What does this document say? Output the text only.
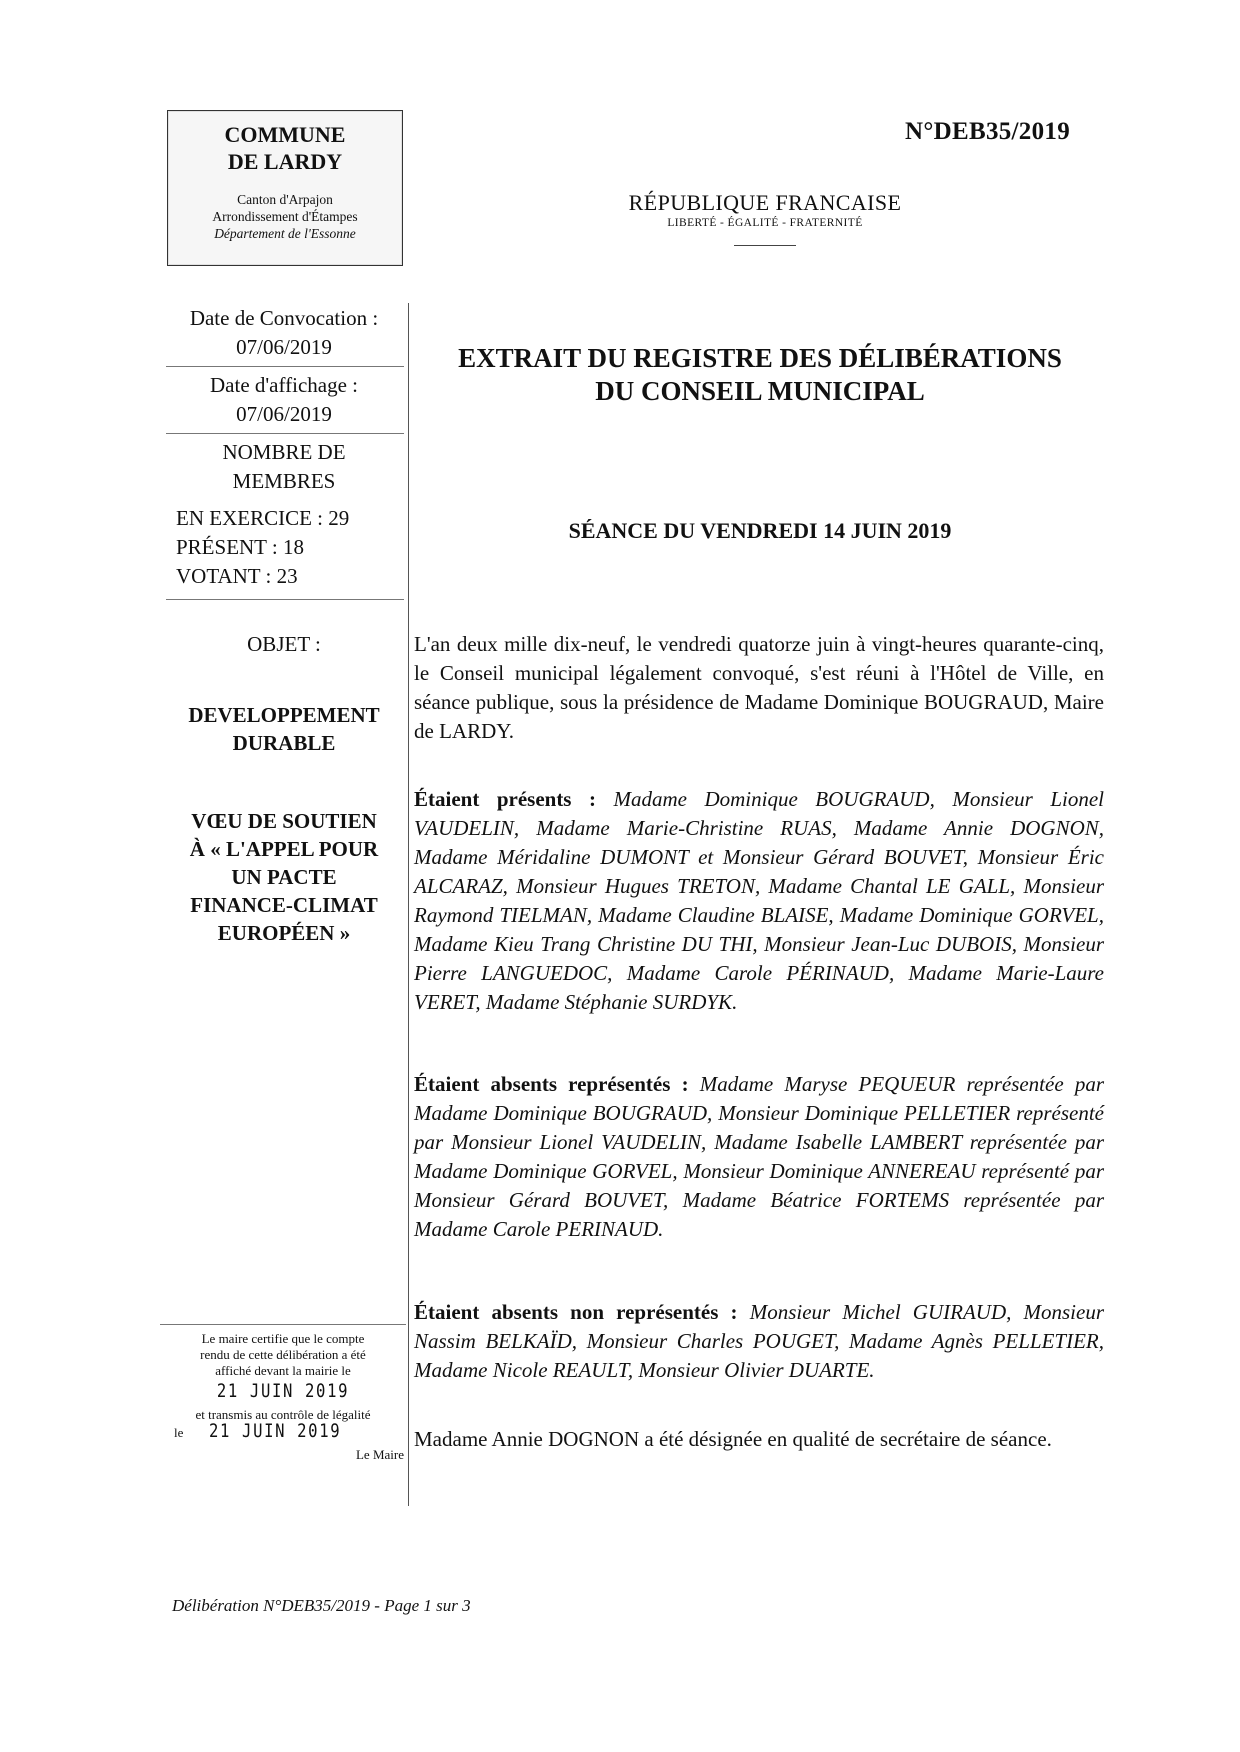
COMMUNE
DE LARDY
Canton d'Arpajon
Arrondissement d'Étampes
Département de l'Essonne
N°DEB35/2019
RÉPUBLIQUE FRANCAISE
LIBERTÉ - ÉGALITÉ - FRATERNITÉ
Date de Convocation :
07/06/2019
Date d'affichage :
07/06/2019
NOMBRE DE
MEMBRES
EN EXERCICE : 29
PRÉSENT : 18
VOTANT : 23
OBJET :
DEVELOPPEMENT
DURABLE
VŒU DE SOUTIEN
À « L'APPEL POUR
UN PACTE
FINANCE-CLIMAT
EUROPÉEN »
Le maire certifie que le compte
rendu de cette délibération a été
affiché devant la mairie le
21 JUIN 2019
et transmis au contrôle de légalité
le 21 JUIN 2019
Le Maire
EXTRAIT DU REGISTRE DES DÉLIBÉRATIONS
DU CONSEIL MUNICIPAL
SÉANCE DU VENDREDI 14 JUIN 2019
L'an deux mille dix-neuf, le vendredi quatorze juin à vingt-heures quarante-cinq, le Conseil municipal légalement convoqué, s'est réuni à l'Hôtel de Ville, en séance publique, sous la présidence de Madame Dominique BOUGRAUD, Maire de LARDY.
Étaient présents : Madame Dominique BOUGRAUD, Monsieur Lionel VAUDELIN, Madame Marie-Christine RUAS, Madame Annie DOGNON, Madame Méridaline DUMONT et Monsieur Gérard BOUVET, Monsieur Éric ALCARAZ, Monsieur Hugues TRETON, Madame Chantal LE GALL, Monsieur Raymond TIELMAN, Madame Claudine BLAISE, Madame Dominique GORVEL, Madame Kieu Trang Christine DU THI, Monsieur Jean-Luc DUBOIS, Monsieur Pierre LANGUEDOC, Madame Carole PÉRINAUD, Madame Marie-Laure VERET, Madame Stéphanie SURDYK.
Étaient absents représentés : Madame Maryse PEQUEUR représentée par Madame Dominique BOUGRAUD, Monsieur Dominique PELLETIER représenté par Monsieur Lionel VAUDELIN, Madame Isabelle LAMBERT représentée par Madame Dominique GORVEL, Monsieur Dominique ANNEREAU représenté par Monsieur Gérard BOUVET, Madame Béatrice FORTEMS représentée par Madame Carole PERINAUD.
Étaient absents non représentés : Monsieur Michel GUIRAUD, Monsieur Nassim BELKAÏD, Monsieur Charles POUGET, Madame Agnès PELLETIER, Madame Nicole REAULT, Monsieur Olivier DUARTE.
Madame Annie DOGNON a été désignée en qualité de secrétaire de séance.
Délibération N°DEB35/2019 - Page 1 sur 3
